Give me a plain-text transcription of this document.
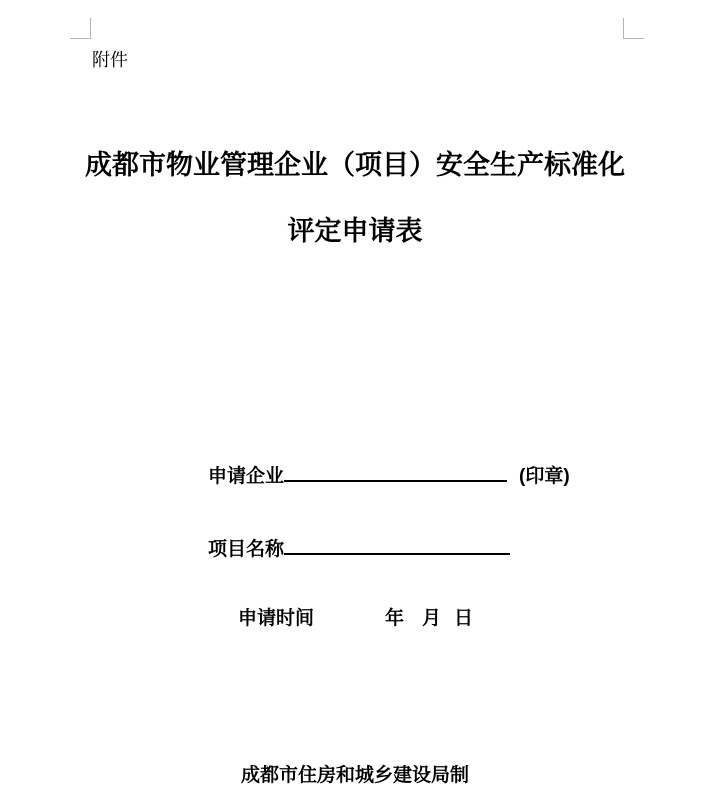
附件
成都市物业管理企业（项目）安全生产标准化
评定申请表
申请企业	(印章)
项目名称
申请时间	年 月 日
成都市住房和城乡建设局制
